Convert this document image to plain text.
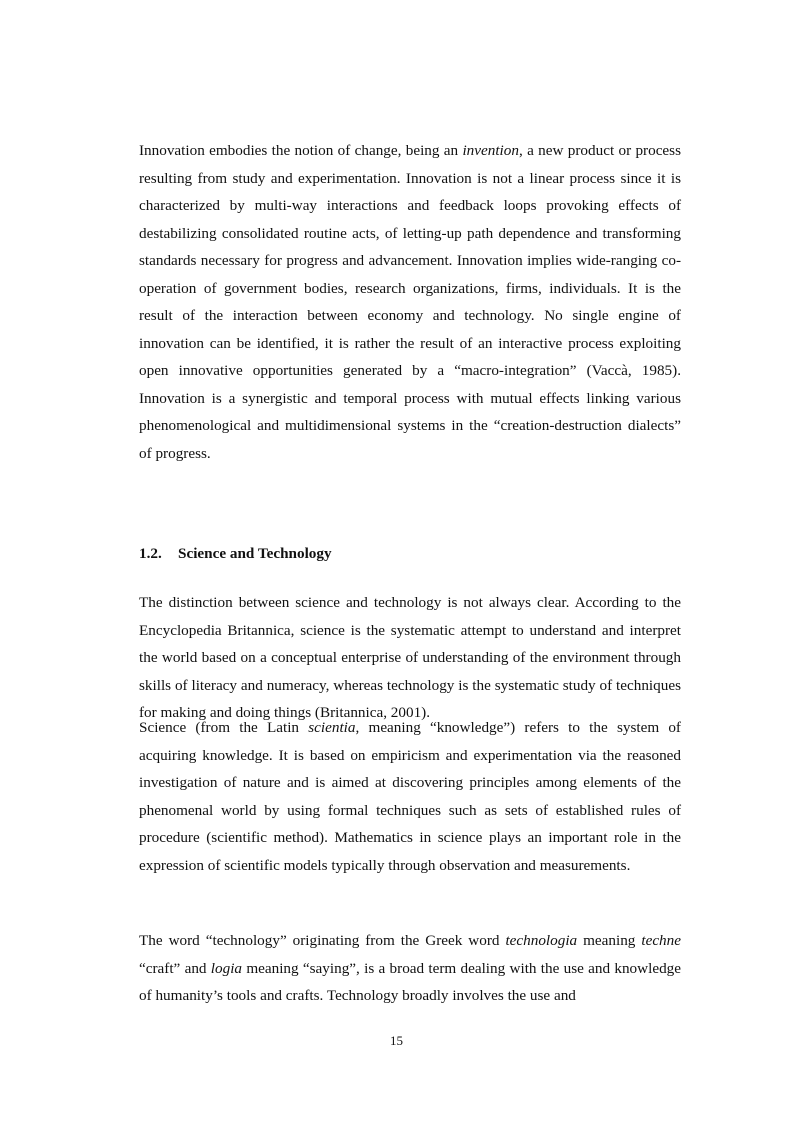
Innovation embodies the notion of change, being an invention, a new product or process resulting from study and experimentation. Innovation is not a linear process since it is characterized by multi-way interactions and feedback loops provoking effects of destabilizing consolidated routine acts, of letting-up path dependence and transforming standards necessary for progress and advancement. Innovation implies wide-ranging co-operation of government bodies, research organizations, firms, individuals. It is the result of the interaction between economy and technology. No single engine of innovation can be identified, it is rather the result of an interactive process exploiting open innovative opportunities generated by a “macro-integration” (Vaccà, 1985). Innovation is a synergistic and temporal process with mutual effects linking various phenomenological and multidimensional systems in the “creation-destruction dialects” of progress.

1.2. Science and Technology

The distinction between science and technology is not always clear. According to the Encyclopedia Britannica, science is the systematic attempt to understand and interpret the world based on a conceptual enterprise of understanding of the environment through skills of literacy and numeracy, whereas technology is the systematic study of techniques for making and doing things (Britannica, 2001).

Science (from the Latin scientia, meaning “knowledge”) refers to the system of acquiring knowledge. It is based on empiricism and experimentation via the reasoned investigation of nature and is aimed at discovering principles among elements of the phenomenal world by using formal techniques such as sets of established rules of procedure (scientific method). Mathematics in science plays an important role in the expression of scientific models typically through observation and measurements.

The word “technology” originating from the Greek word technologia meaning techne  “craft” and logia meaning “saying”, is a broad term dealing with the use and knowledge of humanity’s tools and crafts. Technology broadly involves the use and

15
